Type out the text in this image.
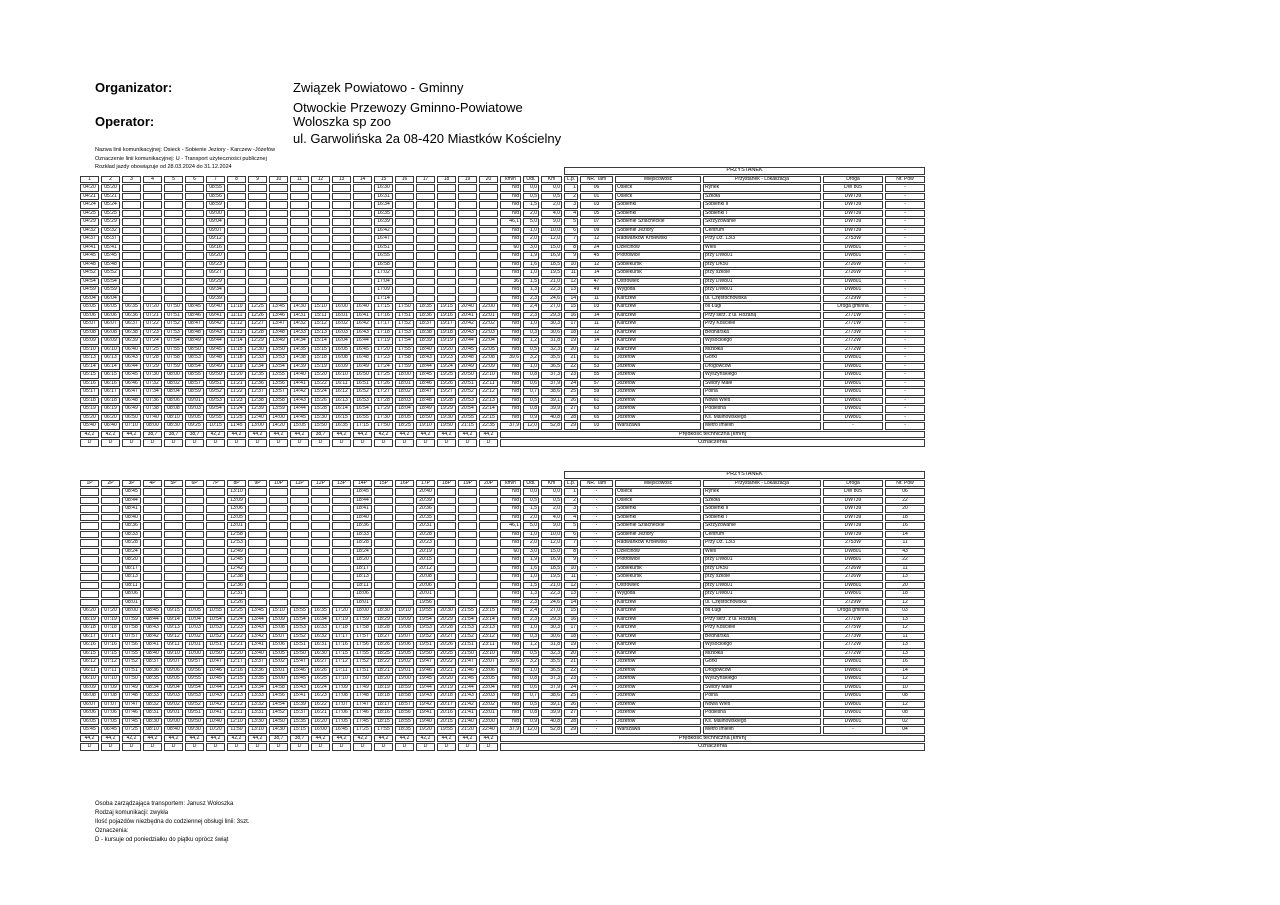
Organizator:	Związek Powiatowo - Gminny
Otwockie Przewozy Gminno-Powiatowe
Operator:	Woloszka sp zoo
ul. Garwolińska 2a 08-420 Miastków Kościelny
Nazwa linii komunikacyjnej: Osieck - Sobienie Jeziory - Karczew -Józefów
Oznaczenie linii komunikacyjnej: U - Transport użyteczności publicznej
Rozkład jazdy obowiązuje od 28.03.2024 do 31.12.2024
																							PRZYSTANEK					
1	2	3	4	5	6	7	8	9	10	11	12	13	14	15	16	17	18	19	20	km/h	Odl.	Km	L.p.	NR. Tam	Miejscowość	Przystanek - Lokalizacja	Droga	Nr. Pow
04:20	05:20					08:55								16:30						n/d	0,0	0,0	1	06	Osieck	Rynek	DW 805	-
04:21	05:21					08:56								16:31						n/d	0,5	0,5	2	01	Osieck	Szkoła	DW739	-
04:24	05:24					08:59								16:34						n/d	1,5	2,0	3	03	Sobienki	Sobienki II	DW739	-
04:25	05:25					09:00								16:35						n/d	2,0	4,0	4	05	Sobienki	Sobienki I	DW739	-
04:29	05:29					09:04								16:39						46,1	5,0	9,0	5	07	Sobienie Szlacheckie	Skrzyżowanie	DW739	-
04:32	05:32					09:07								16:42						n/d	1,0	10,0	6	09	Sobienie Jeziory	Centrum	DW739	-
04:37	05:37					09:12								16:47						n/d	2,0	12,0	7	12	Radwanków Królewski	Przy Dz. 13/3	2753W	-
04:41	05:41					09:16								16:51						60	3,0	15,0	8	24	Dziecinów	Wieś	DW801	-
04:45	05:45					09:20								16:55						n/d	1,9	16,9	9	45	Piotrowice	przy DW801	DW801	-
04:48	05:48					09:23								16:58						n/d	1,6	18,5	10	12	Sobiekursk	przy DK50	2726W	-
04:52	05:52					09:27								17:02						n/d	1,0	19,5	11	14	Sobiekursk	przy szkole	2726W	-
04:54	05:54					09:29								17:04						36	1,5	21,0	12	47	Ostrówiec	przy DW801	DW801	-
04:59	05:59					09:34								17:09						n/d	1,3	22,3	13	49	Wygoda	przy DW801	DW801	-
05:04	06:04					09:39								17:14						n/d	2,3	24,6	14	11	Karczew	ul. Częstochowska	2729W	-
05:05	06:05	06:35	07:20	07:50	08:45	09:40	11:10	12:25	13:45	14:30	15:10	16:00	16:40	17:15	17:50	18:35	19:15	20:40	22:00	n/d	2,4	27,0	15	03	Karczew	os Ługi	Droga gminna	-
05:06	06:06	06:36	07:21	07:51	08:46	09:41	11:11	12:26	13:46	14:31	15:11	16:01	16:41	17:16	17:51	18:36	19:16	20:41	22:01	n/d	2,3	29,3	16	14	Karczew	Przy skrz. z ul. Różaną	2771W	-
05:07	06:07	06:37	07:22	07:52	08:47	09:42	11:12	12:27	13:47	14:32	15:12	16:02	16:42	17:17	17:52	18:37	19:17	20:42	22:02	n/d	1,0	30,3	17	11	Karczew	Przy Kościele	2771W	-
05:08	06:08	06:38	07:23	07:53	08:48	09:43	11:13	12:28	13:48	14:33	15:13	16:03	16:43	17:18	17:53	18:38	19:18	20:43	22:03	n/d	0,3	30,6	18	12	Karczew	Bednarska	2773W	-
05:09	06:09	06:39	07:24	07:54	08:49	09:44	11:14	12:29	13:49	14:34	15:14	16:04	16:44	17:19	17:54	18:39	19:19	20:44	22:04	n/d	1,2	31,8	19	14	Karczew	Wysockiego	2772W	-
05:10	06:10	06:40	07:25	07:55	08:50	09:45	11:15	12:30	13:50	14:35	15:15	16:05	16:45	17:20	17:55	18:40	19:20	20:45	22:05	n/d	0,5	32,3	20	12	Karczew	Miziołka	2772W	-
05:13	06:13	06:43	07:28	07:58	08:53	09:48	11:18	12:33	13:53	14:38	15:18	16:08	16:48	17:23	17:58	18:43	19:23	20:48	22:08	39,6	3,2	35,5	21	51	Józefów	Górki	DW801	-
05:14	06:14	06:44	07:29	07:59	08:54	09:49	11:19	12:34	13:54	14:39	15:19	16:09	16:49	17:24	17:59	18:44	19:24	20:49	22:09	n/d	1,0	36,5	22	53	Józefów	Drogowców	DW801	-
05:15	06:15	06:45	07:30	08:00	08:55	09:50	11:20	12:35	13:55	14:40	15:20	16:10	16:50	17:25	18:00	18:45	19:25	20:50	22:10	n/d	0,8	37,3	23	55	Józefów	Wyszyńskiego	DW801	-
05:16	06:16	06:46	07:32	08:02	08:57	09:51	11:21	12:36	13:56	14:41	15:22	16:11	16:51	17:26	18:01	18:46	19:26	20:51	22:11	n/d	0,6	37,9	24	57	Józefów	Świdry Małe	DW801	-
05:17	06:17	06:47	07:34	08:04	08:59	09:52	11:22	12:37	13:57	14:42	15:24	16:12	16:52	17:27	18:02	18:47	19:27	20:52	22:12	n/d	0,7	38,6	25	59	Józefów	Polna	DW801	-
05:18	06:18	06:48	07:36	08:06	09:01	09:53	11:23	12:38	13:58	14:43	15:26	16:13	16:53	17:28	18:03	18:48	19:28	20:53	22:13	n/d	0,5	39,1	26	61	Józefów	Nowa Wieś	DW801	-
05:19	06:19	06:49	07:38	08:08	09:03	09:54	11:24	12:39	13:59	14:44	15:28	16:14	16:54	17:29	18:04	18:49	19:29	20:54	22:14	n/d	0,8	39,9	27	63	Józefów	Podleśna	DW801	-
05:20	06:20	06:50	07:40	08:10	09:05	09:55	11:25	12:40	14:00	14:45	15:30	16:15	16:55	17:30	18:05	18:50	19:30	20:55	22:15	n/d	0,9	40,8	28	65	Józefów	Ks. Malinowskiego	DW801	-
05:40	06:40	07:10	08:00	08:30	09:25	10:15	11:45	13:00	14:20	15:05	15:50	16:35	17:15	17:50	18:25	19:10	19:50	21:15	22:35	37,9	12,0	52,8	29	03	Warszawa	Metro Imielin	-	-
42,2	42,2	44,2	38,7	38,7	38,7	42,2	44,2	44,2	44,2	44,2	38,7	44,2	44,2	42,2	44,2	44,2	44,2	44,2	44,2	Prędkość techniczna [km/h]								
D	D	D	D	D	D	D	D	D	D	D	D	D	D	D	D	D	D	D	D	Oznaczenia								
																							PRZYSTANEK					
1P	2P	3P	4P	5P	6P	7P	8P	9P	10P	11P	12P	13P	14P	15P	16P	17P	18P	19P	20P	km/h	Odl.	Km	L.p.	NR. Tam	Miejscowość	Przystanek - Lokalizacja	Droga	Nr. Pow
		08:45					13:10						18:45			20:40				n/d	0,0	0,0	1	-	Osieck	Rynek	DW 805	06
		08:44					13:09						18:44			20:39				n/d	0,5	0,5	2	-	Osieck	Szkoła	DW739	22
		08:41					13:06						18:41			20:36				n/d	1,5	2,0	3	-	Sobienki	Sobienki II	DW739	20
		08:40					13:05						18:40			20:35				n/d	2,0	4,0	4	-	Sobienki	Sobienki I	DW739	18
		08:36					13:01						18:36			20:31				46,1	5,0	9,0	5	-	Sobienie Szlacheckie	Skrzyżowanie	DW739	16
		08:33					12:58						18:33			20:28				n/d	1,0	10,0	6	-	Sobienie Jeziory	Centrum	DW739	14
		08:28					12:53						18:28			20:23				n/d	2,0	12,0	7	-	Radwanków Królewski	Przy Dz. 13/3	2753W	11
		08:24					12:49						18:24			20:19				60	3,0	15,0	8	-	Dziecinów	Wieś	DW801	43
		08:20					12:45						18:20			20:15				n/d	1,9	16,9	9	-	Piotrowice	przy DW801	DW801	22
		08:17					12:42						18:17			20:12				n/d	1,6	18,5	10	-	Sobiekursk	przy DK50	2726W	11
		08:13					12:38						18:13			20:08				n/d	1,0	19,5	11	-	Sobiekursk	przy szkole	2726W	13
		08:11					12:36						18:11			20:06				n/d	1,5	21,0	12	-	Ostrówiec	przy DW801	DW801	20
		08:06					12:31						18:06			20:01				n/d	1,3	22,3	13	-	Wygoda	przy DW801	DW801	18
		08:01					12:26						18:01			19:56				n/d	2,3	24,6	14	-	Karczew	ul. Częstochowska	2729W	12
06:20	07:20	08:00	08:45	09:15	10:05	10:55	12:25	13:45	15:10	15:55	16:35	17:20	18:00	18:30	19:10	19:55	20:30	21:55	23:15	n/d	2,4	27,0	15	-	Karczew	os Ługi	Droga gminna	03
06:19	07:19	07:59	08:44	09:14	10:04	10:54	12:24	13:44	15:09	15:54	16:34	17:19	17:59	18:29	19:09	19:54	20:29	21:54	23:14	n/d	2,3	29,3	16	-	Karczew	Przy skrz. z ul. Różaną	2771W	13
06:18	07:18	07:58	08:43	09:13	10:03	10:53	12:23	13:43	15:08	15:53	16:33	17:18	17:58	18:28	19:08	19:53	20:28	21:53	23:13	n/d	1,0	30,3	17	-	Karczew	Przy Kościele	2775W	12
06:17	07:17	07:57	08:42	09:12	10:02	10:52	12:22	13:42	15:07	15:52	16:32	17:17	17:57	18:27	19:07	19:52	20:27	21:52	23:12	n/d	0,3	30,6	18	-	Karczew	Bednarska	2773W	11
06:16	07:16	07:56	08:41	09:11	10:01	10:51	12:21	13:41	15:06	15:51	16:31	17:16	17:56	18:26	19:06	19:51	20:26	21:51	23:11	n/d	1,2	31,8	19	-	Karczew	Wysockiego	2772W	13
06:15	07:15	07:55	08:40	09:10	10:00	10:50	12:20	13:40	15:05	15:50	16:30	17:15	17:55	18:25	19:05	19:50	20:25	21:50	23:10	n/d	0,5	32,3	20	-	Karczew	Miziołka	2772W	13
06:12	07:12	07:52	08:37	09:07	09:57	10:47	12:17	13:37	15:02	15:47	16:27	17:12	17:52	18:22	19:02	19:47	20:22	21:47	23:07	39,6	3,2	35,5	21	-	Józefów	Górki	DW801	16
06:11	07:11	07:51	08:36	09:06	09:56	10:46	12:16	13:36	15:01	15:46	16:26	17:11	17:51	18:21	19:01	19:46	20:21	21:46	23:06	n/d	1,0	36,5	22	-	Józefów	Drogowców	DW801	14
06:10	07:10	07:50	08:35	09:05	09:55	10:45	12:15	13:35	15:00	15:45	16:25	17:10	17:50	18:20	19:00	19:45	20:20	21:45	23:05	n/d	0,8	37,3	23	-	Józefów	Wyszyńskiego	DW801	12
06:09	07:09	07:49	08:34	09:04	09:54	10:44	12:14	13:34	14:58	15:43	16:24	17:09	17:49	18:19	18:59	19:44	20:19	21:44	23:04	n/d	0,6	37,9	24	-	Józefów	Świdry Małe	DW801	10
06:08	07:08	07:48	08:33	09:03	09:53	10:43	12:13	13:33	14:56	15:41	16:23	17:08	17:48	18:18	18:58	19:43	20:18	21:43	23:03	n/d	0,7	38,6	25	-	Józefów	Polna	DW801	08
06:07	07:07	07:47	08:32	09:02	09:52	10:42	12:12	13:32	14:54	15:39	16:22	17:07	17:47	18:17	18:57	19:42	20:17	21:42	23:02	n/d	0,5	39,1	26	-	Józefów	Nowa Wieś	DW801	12
06:06	07:06	07:46	08:31	09:01	09:51	10:41	12:11	13:31	14:52	15:37	16:21	17:06	17:46	18:16	18:56	19:41	20:16	21:41	23:01	n/d	0,8	39,9	27	-	Józefów	Podleśna	DW801	08
06:05	07:05	07:45	08:30	09:00	09:50	10:40	12:10	13:30	14:50	15:35	16:20	17:05	17:45	18:15	18:55	19:40	20:15	21:40	23:00	n/d	0,9	40,8	28	-	Józefów	Ks. Malinowskiego	DW801	02
05:45	06:45	07:25	08:10	08:40	09:30	10:20	11:50	13:10	14:30	15:15	16:00	16:45	17:25	17:55	18:35	19:20	19:55	21:20	22:40	37,9	12,0	52,8	29	-	Warszawa	Metro Imielin	-	04
44,2	44,2	42,2	44,2	44,2	44,2	44,2	42,2	44,2	38,7	38,7	44,2	44,2	42,2	44,2	44,2	42,2	44,2	44,2	44,2	Prędkość techniczna [km/h]								
D	D	D	D	D	D	D	D	D	D	D	D	D	D	D	D	D	D	D	D	Oznaczenia								
Osoba zarządzająca transportem: Janusz Wołoszka
Rodzaj komunikacji: zwykła
Ilość pojazdów niezbędna do codziennej obsługi linii: 3szt.
Oznaczenia:
D - kursuje od poniedziałku do piątku oprócz świąt
